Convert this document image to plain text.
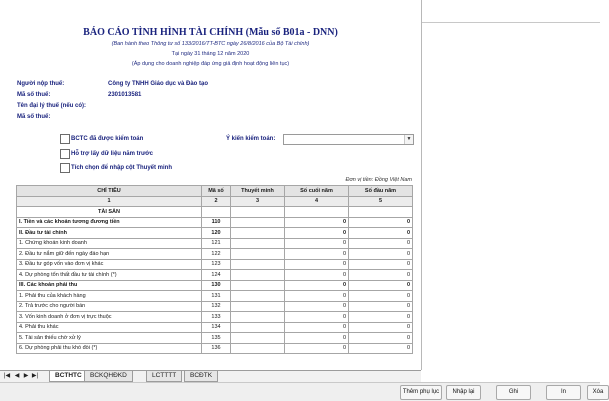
BÁO CÁO TÌNH HÌNH TÀI CHÍNH (Mẫu số B01a - DNN)
(Ban hành theo Thông tư số 133/2016/TT-BTC ngày 26/8/2016 của Bộ Tài chính)
Tại ngày 31 tháng 12 năm 2020
(Áp dụng cho doanh nghiệp đáp ứng giả định hoạt động liên tục)
Người nộp thuế:	Công ty TNHH Giáo dục và Đào tạo
Mã số thuế:	2301013581
Tên đại lý thuế (nếu có):
Mã số thuế:
BCTC đã được kiểm toán
Hỗ trợ lấy dữ liệu năm trước
Tích chọn để nhập cột Thuyết minh
Ý kiến kiểm toán:	▼
Đơn vị tiền: Đồng Việt Nam
CHỈ TIÊU	Mã số	Thuyết minh	Số cuối năm	Số đầu năm
1	2	3	4	5
TÀI SẢN				
I. Tiền và các khoản tương đương tiền	110		0	0
II. Đầu tư tài chính	120		0	0
1. Chứng khoán kinh doanh	121		0	0
2. Đầu tư nắm giữ đến ngày đáo hạn	122		0	0
3. Đầu tư góp vốn vào đơn vị khác	123		0	0
4. Dự phòng tổn thất đầu tư tài chính (*)	124		0	0
III. Các khoản phải thu	130		0	0
1. Phải thu của khách hàng	131		0	0
2. Trả trước cho người bán	132		0	0
3. Vốn kinh doanh ở đơn vị trực thuộc	133		0	0
4. Phải thu khác	134		0	0
5. Tài sản thiếu chờ xử lý	135		0	0
6. Dự phòng phải thu khó đòi (*)	136		0	0
|◀ ◀ ▶ ▶|	BCTHTC	BCKQHĐKD	LCTTTT	BCĐTK
Thêm phụ lục	Nhập lại	Ghi	In	Xóa
